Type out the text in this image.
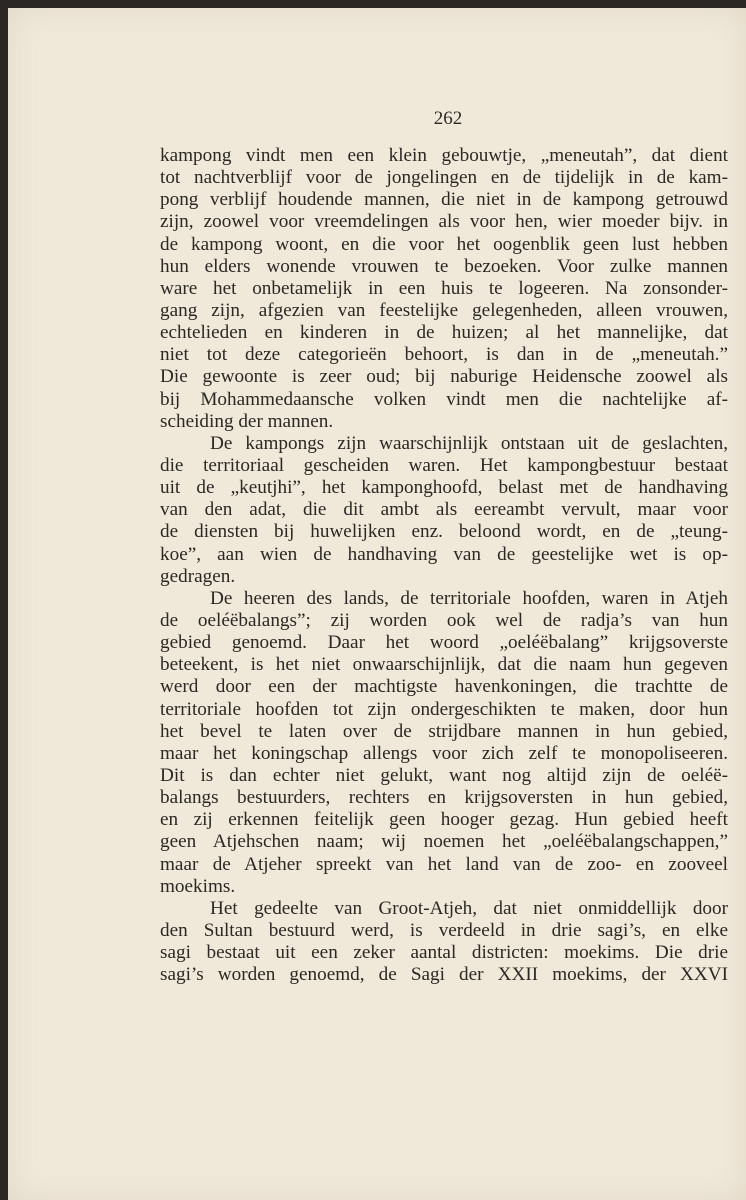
262
kampong vindt men een klein gebouwtje, „meneutah”, dat dient
tot nachtverblijf voor de jongelingen en de tijdelijk in de kam-
pong verblijf houdende mannen, die niet in de kampong getrouwd
zijn, zoowel voor vreemdelingen als voor hen, wier moeder bijv. in
de kampong woont, en die voor het oogenblik geen lust hebben
hun elders wonende vrouwen te bezoeken. Voor zulke mannen
ware het onbetamelijk in een huis te logeeren. Na zonsonder-
gang zijn, afgezien van feestelijke gelegenheden, alleen vrouwen,
echtelieden en kinderen in de huizen; al het mannelijke, dat
niet tot deze categorieën behoort, is dan in de „meneutah.”
Die gewoonte is zeer oud; bij naburige Heidensche zoowel als
bij Mohammedaansche volken vindt men die nachtelijke af-
scheiding der mannen.
De kampongs zijn waarschijnlijk ontstaan uit de geslachten,
die territoriaal gescheiden waren. Het kampongbestuur bestaat
uit de „keutjhi”, het kamponghoofd, belast met de handhaving
van den adat, die dit ambt als eereambt vervult, maar voor
de diensten bij huwelijken enz. beloond wordt, en de „teung-
koe”, aan wien de handhaving van de geestelijke wet is op-
gedragen.
De heeren des lands, de territoriale hoofden, waren in Atjeh
de oeléëbalangs”; zij worden ook wel de radja’s van hun
gebied genoemd. Daar het woord „oeléëbalang” krijgsoverste
beteekent, is het niet onwaarschijnlijk, dat die naam hun gegeven
werd door een der machtigste havenkoningen, die trachtte de
territoriale hoofden tot zijn ondergeschikten te maken, door hun
het bevel te laten over de strijdbare mannen in hun gebied,
maar het koningschap allengs voor zich zelf te monopoliseeren.
Dit is dan echter niet gelukt, want nog altijd zijn de oeléë-
balangs bestuurders, rechters en krijgsoversten in hun gebied,
en zij erkennen feitelijk geen hooger gezag. Hun gebied heeft
geen Atjehschen naam; wij noemen het „oeléëbalangschappen,”
maar de Atjeher spreekt van het land van de zoo- en zooveel
moekims.
Het gedeelte van Groot-Atjeh, dat niet onmiddellijk door
den Sultan bestuurd werd, is verdeeld in drie sagi’s, en elke
sagi bestaat uit een zeker aantal districten: moekims. Die drie
sagi’s worden genoemd, de Sagi der XXII moekims, der XXVI
